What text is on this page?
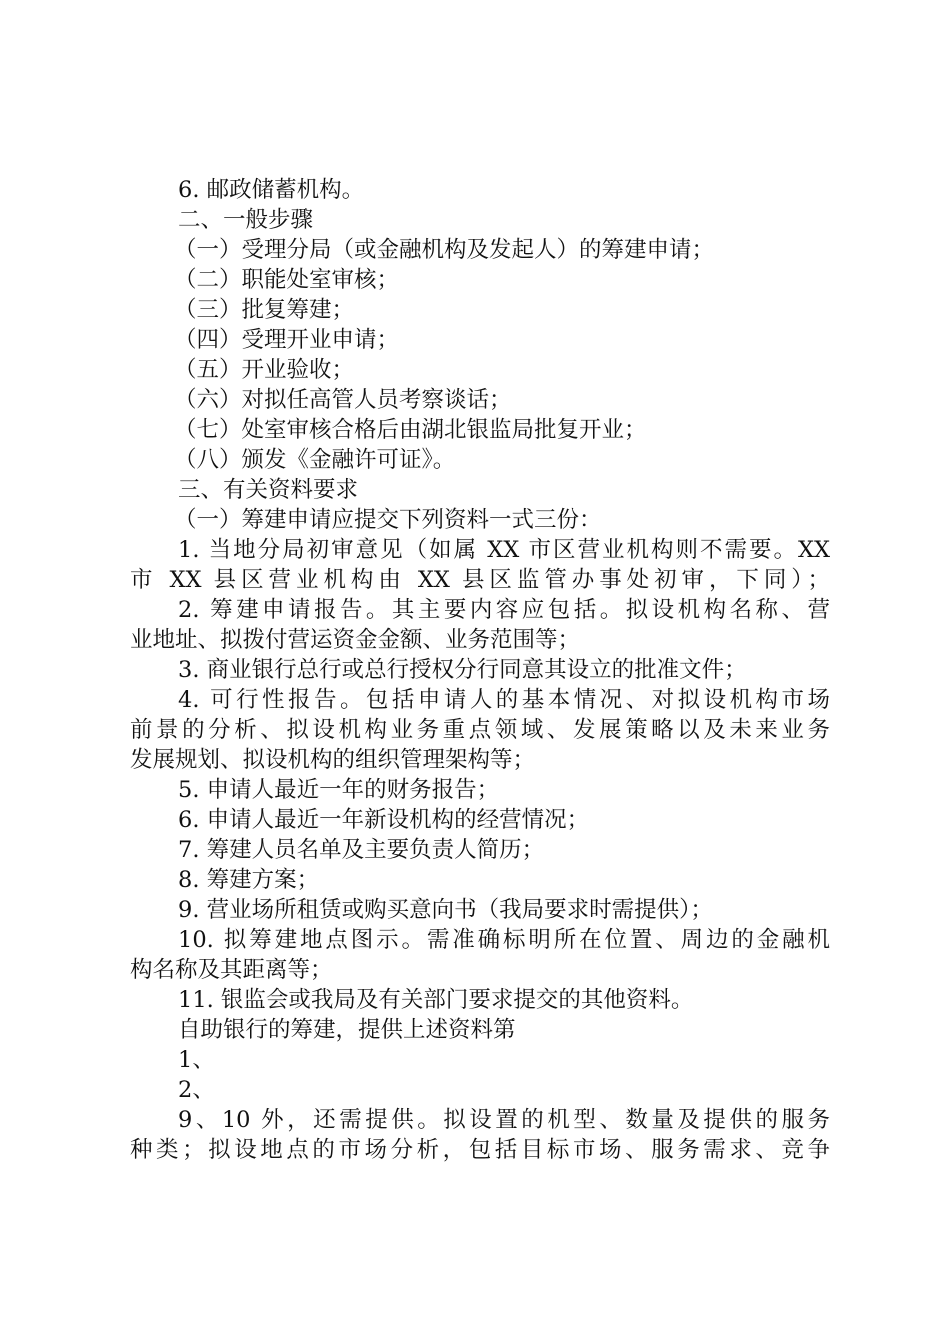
6. 邮政储蓄机构。
二、一般步骤
（一）受理分局（或金融机构及发起人）的筹建申请；
（二）职能处室审核；
（三）批复筹建；
（四）受理开业申请；
（五）开业验收；
（六）对拟任高管人员考察谈话；
（七）处室审核合格后由湖北银监局批复开业；
（八）颁发《金融许可证》。
三、有关资料要求
（一）筹建申请应提交下列资料一式三份：
1. 当地分局初审意见（如属 XX 市区营业机构则不需要。XX
市 XX 县区营业机构由 XX 县区监管办事处初审，下同）；
2. 筹建申请报告。其主要内容应包括。拟设机构名称、营
业地址、拟拨付营运资金金额、业务范围等；
3. 商业银行总行或总行授权分行同意其设立的批准文件；
4. 可行性报告。包括申请人的基本情况、对拟设机构市场
前景的分析、拟设机构业务重点领域、发展策略以及未来业务
发展规划、拟设机构的组织管理架构等；
5. 申请人最近一年的财务报告；
6. 申请人最近一年新设机构的经营情况；
7. 筹建人员名单及主要负责人简历；
8. 筹建方案；
9. 营业场所租赁或购买意向书（我局要求时需提供）；
10. 拟筹建地点图示。需准确标明所在位置、周边的金融机
构名称及其距离等；
11. 银监会或我局及有关部门要求提交的其他资料。
自助银行的筹建，提供上述资料第
1、
2、
9、10 外，还需提供。拟设置的机型、数量及提供的服务
种类；拟设地点的市场分析，包括目标市场、服务需求、竞争
